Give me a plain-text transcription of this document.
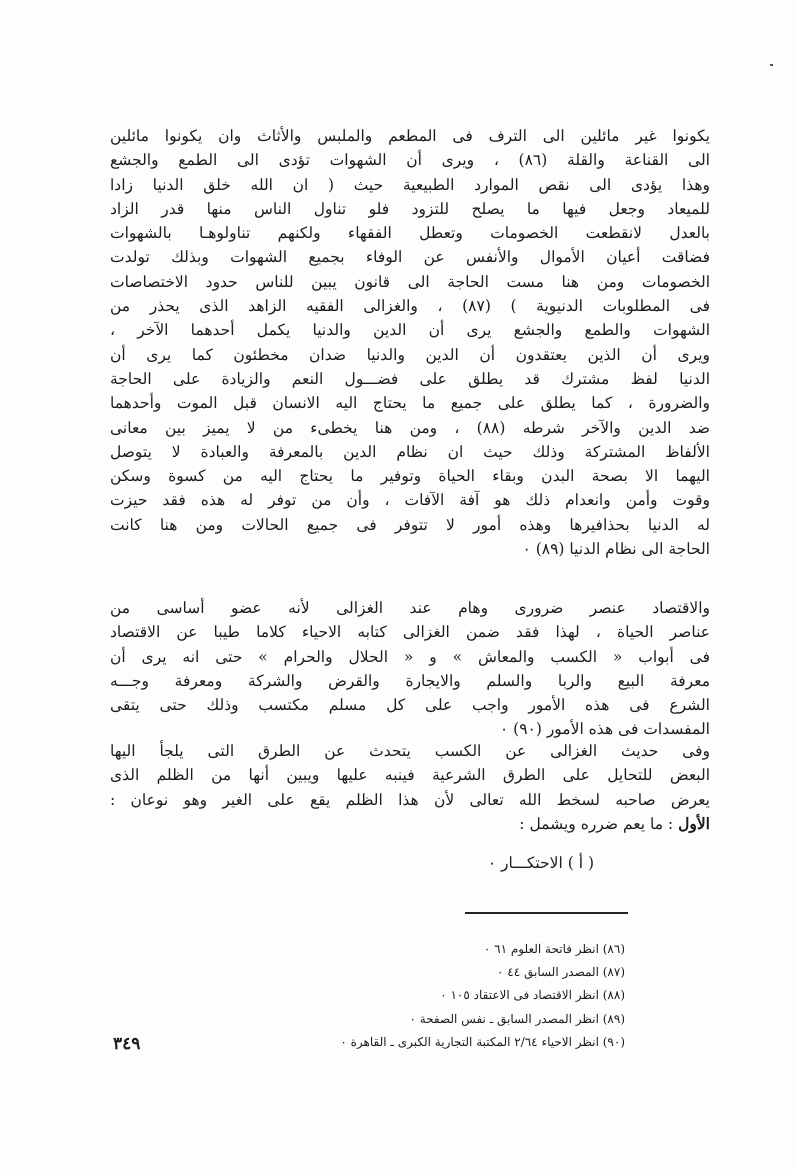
يكونوا غير مائلين الى الترف فى المطعم والملبس والأثاث وان يكونوا مائلين
الى القناعة والقلة (٨٦) ، ويرى أن الشهوات تؤدى الى الطمع والجشع
وهذا يؤدى الى نقص الموارد الطبيعية حيث ( ان الله خلق الدنيا زادا
للميعاد وجعل فيها ما يصلح للتزود فلو تناول الناس منها قدر الزاد
بالعدل لانقطعت الخصومات وتعطل الفقهاء ولكنهم تناولوهـا بالشهوات
فضاقت أعيان الأموال والأنفس عن الوفاء بجميع الشهوات وبذلك تولدت
الخصومات ومن هنا مست الحاجة الى قانون يبين للناس حدود الاختصاصات
فى المطلوبات الدنيوية ) (٨٧) ، والغزالى الفقيه الزاهد الذى يحذر من
الشهوات والطمع والجشع يرى أن الدين والدنيا يكمل أحدهما الآخر ،
ويرى أن الذين يعتقدون أن الدين والدنيا ضدان مخطئون كما يرى أن
الدنيا لفظ مشترك قد يطلق على فضـــول النعم والزيادة على الحاجة
والضرورة ، كما يطلق على جميع ما يحتاج اليه الانسان قبل الموت وأحدهما
ضد الدين والآخر شرطه (٨٨) ، ومن هنا يخطىء من لا يميز بين معانى
الألفاظ المشتركة وذلك حيث ان نظام الدين بالمعرفة والعبادة لا يتوصل
اليهما الا بصحة البدن وبقاء الحياة وتوفير ما يحتاج اليه من كسوة وسكن
وقوت وأمن وانعدام ذلك هو آفة الآفات ، وأن من توفر له هذه فقد حيزت
له الدنيا بحذافيرها وهذه أمور لا تتوفر فى جميع الحالات ومن هنا كانت
الحاجة الى نظام الدنيا (٨٩) ٠
والاقتصاد عنصر ضرورى وهام عند الغزالى لأنه عضو أساسى من
عناصر الحياة ، لهذا فقد ضمن الغزالى كتابه الاحياء كلاما طيبا عن الاقتصاد
فى أبواب « الكسب والمعاش » و « الحلال والحرام » حتى انه يرى أن
معرفة البيع والربا والسلم والايجارة والقرض والشركة ومعرفة وجـــه
الشرع فى هذه الأمور واجب على كل مسلم مكتسب وذلك حتى يتقى
المفسدات فى هذه الأمور (٩٠) ٠
وفى حديث الغزالى عن الكسب يتحدث عن الطرق التى يلجأ اليها
البعض للتحايل على الطرق الشرعية فينبه عليها ويبين أنها من الظلم الذى
يعرض صاحبه لسخط الله تعالى لأن هذا الظلم يقع على الغير وهو نوعان :
الأول : ما يعم ضرره ويشمل :
( أ ) الاحتكـــار ٠
(٨٦) انظر فاتحة العلوم ٦١ ٠
(٨٧) المصدر السابق ٤٤ ٠
(٨٨) انظر الاقتصاد فى الاعتقاد ١٠٥ ٠
(٨٩) انظر المصدر السابق ـ نفس الصفحة ٠
(٩٠) انظر الاحياء ٢/٦٤ المكتبة التجارية الكبرى ـ القاهرة ٠
٣٤٩
